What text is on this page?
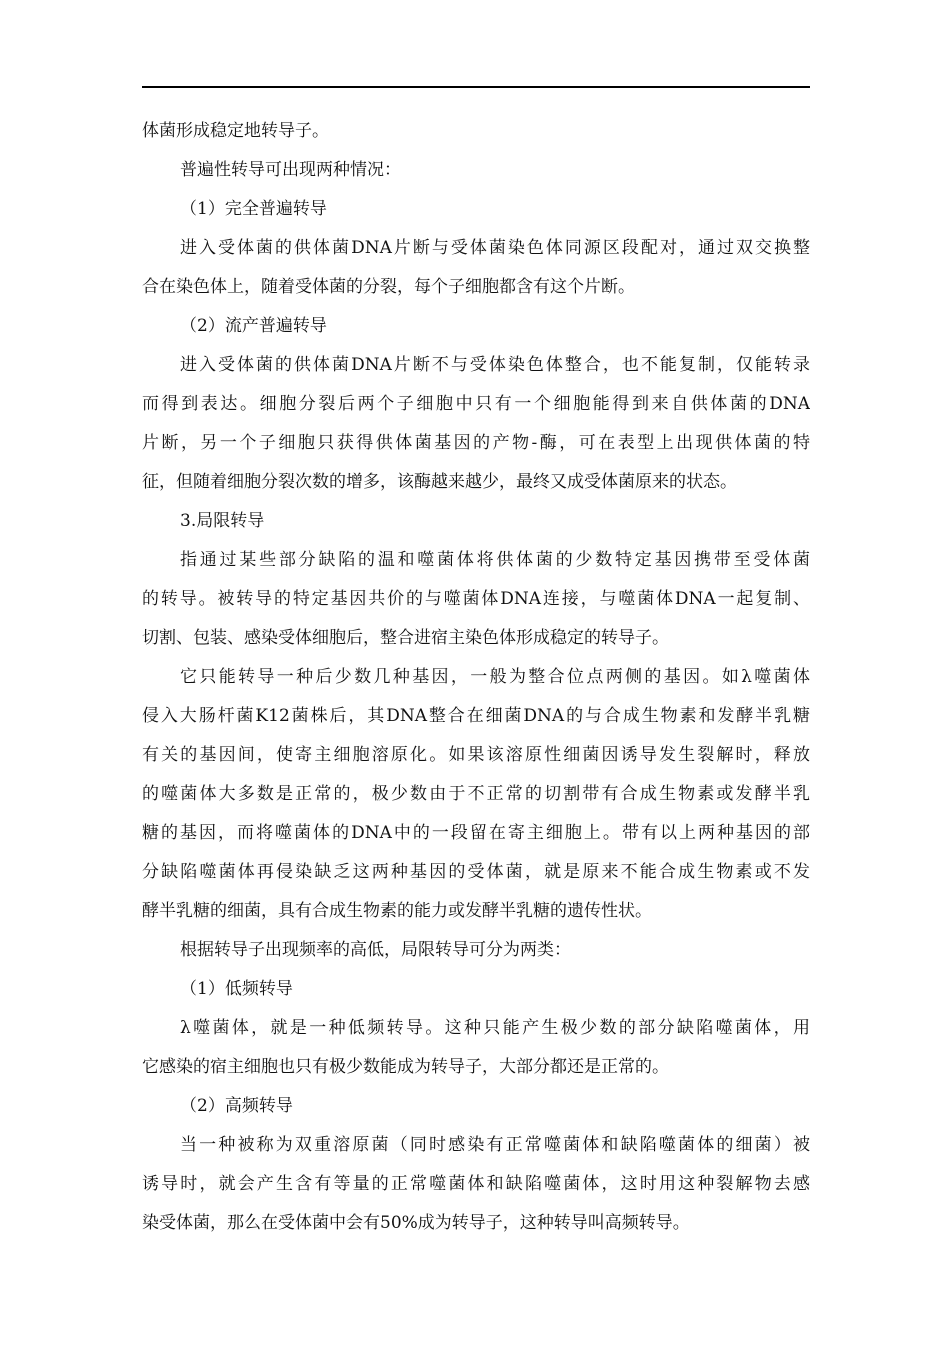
体菌形成稳定地转导子。
普遍性转导可出现两种情况：
（1）完全普遍转导
进入受体菌的供体菌DNA片断与受体菌染色体同源区段配对，通过双交换整
合在染色体上，随着受体菌的分裂，每个子细胞都含有这个片断。
（2）流产普遍转导
进入受体菌的供体菌DNA片断不与受体染色体整合，也不能复制，仅能转录
而得到表达。细胞分裂后两个子细胞中只有一个细胞能得到来自供体菌的DNA
片断，另一个子细胞只获得供体菌基因的产物-酶，可在表型上出现供体菌的特
征，但随着细胞分裂次数的增多，该酶越来越少，最终又成受体菌原来的状态。
3.局限转导
指通过某些部分缺陷的温和噬菌体将供体菌的少数特定基因携带至受体菌
的转导。被转导的特定基因共价的与噬菌体DNA连接，与噬菌体DNA一起复制、
切割、包装、感染受体细胞后，整合进宿主染色体形成稳定的转导子。
它只能转导一种后少数几种基因，一般为整合位点两侧的基因。如λ噬菌体
侵入大肠杆菌K12菌株后，其DNA整合在细菌DNA的与合成生物素和发酵半乳糖
有关的基因间，使寄主细胞溶原化。如果该溶原性细菌因诱导发生裂解时，释放
的噬菌体大多数是正常的，极少数由于不正常的切割带有合成生物素或发酵半乳
糖的基因，而将噬菌体的DNA中的一段留在寄主细胞上。带有以上两种基因的部
分缺陷噬菌体再侵染缺乏这两种基因的受体菌，就是原来不能合成生物素或不发
酵半乳糖的细菌，具有合成生物素的能力或发酵半乳糖的遗传性状。
根据转导子出现频率的高低，局限转导可分为两类：
（1）低频转导
λ噬菌体，就是一种低频转导。这种只能产生极少数的部分缺陷噬菌体，用
它感染的宿主细胞也只有极少数能成为转导子，大部分都还是正常的。
（2）高频转导
当一种被称为双重溶原菌（同时感染有正常噬菌体和缺陷噬菌体的细菌）被
诱导时，就会产生含有等量的正常噬菌体和缺陷噬菌体，这时用这种裂解物去感
染受体菌，那么在受体菌中会有50%成为转导子，这种转导叫高频转导。
